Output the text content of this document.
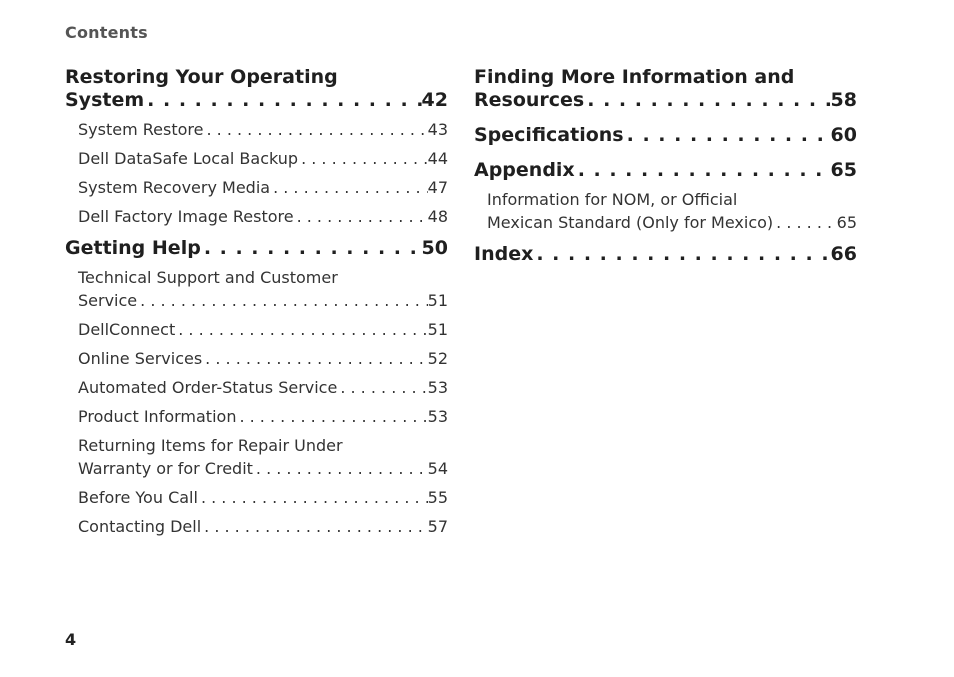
Contents
Restoring Your Operating
System . . .	42
System Restore . . .	43
Dell DataSafe Local Backup . . .	44
System Recovery Media . . .	47
Dell Factory Image Restore . . .	48
Getting Help . . .	50
Technical Support and Customer
Service . . .	51
DellConnect . . .	51
Online Services . . .	52
Automated Order-Status Service . . .	53
Product Information . . .	53
Returning Items for Repair Under
Warranty or for Credit . . .	54
Before You Call . . .	55
Contacting Dell . . .	57
Finding More Information and
Resources . . .	58
Specifications . . .	60
Appendix . . .	65
Information for NOM, or Official
Mexican Standard (Only for Mexico) . . .	65
Index . . .	66
4
